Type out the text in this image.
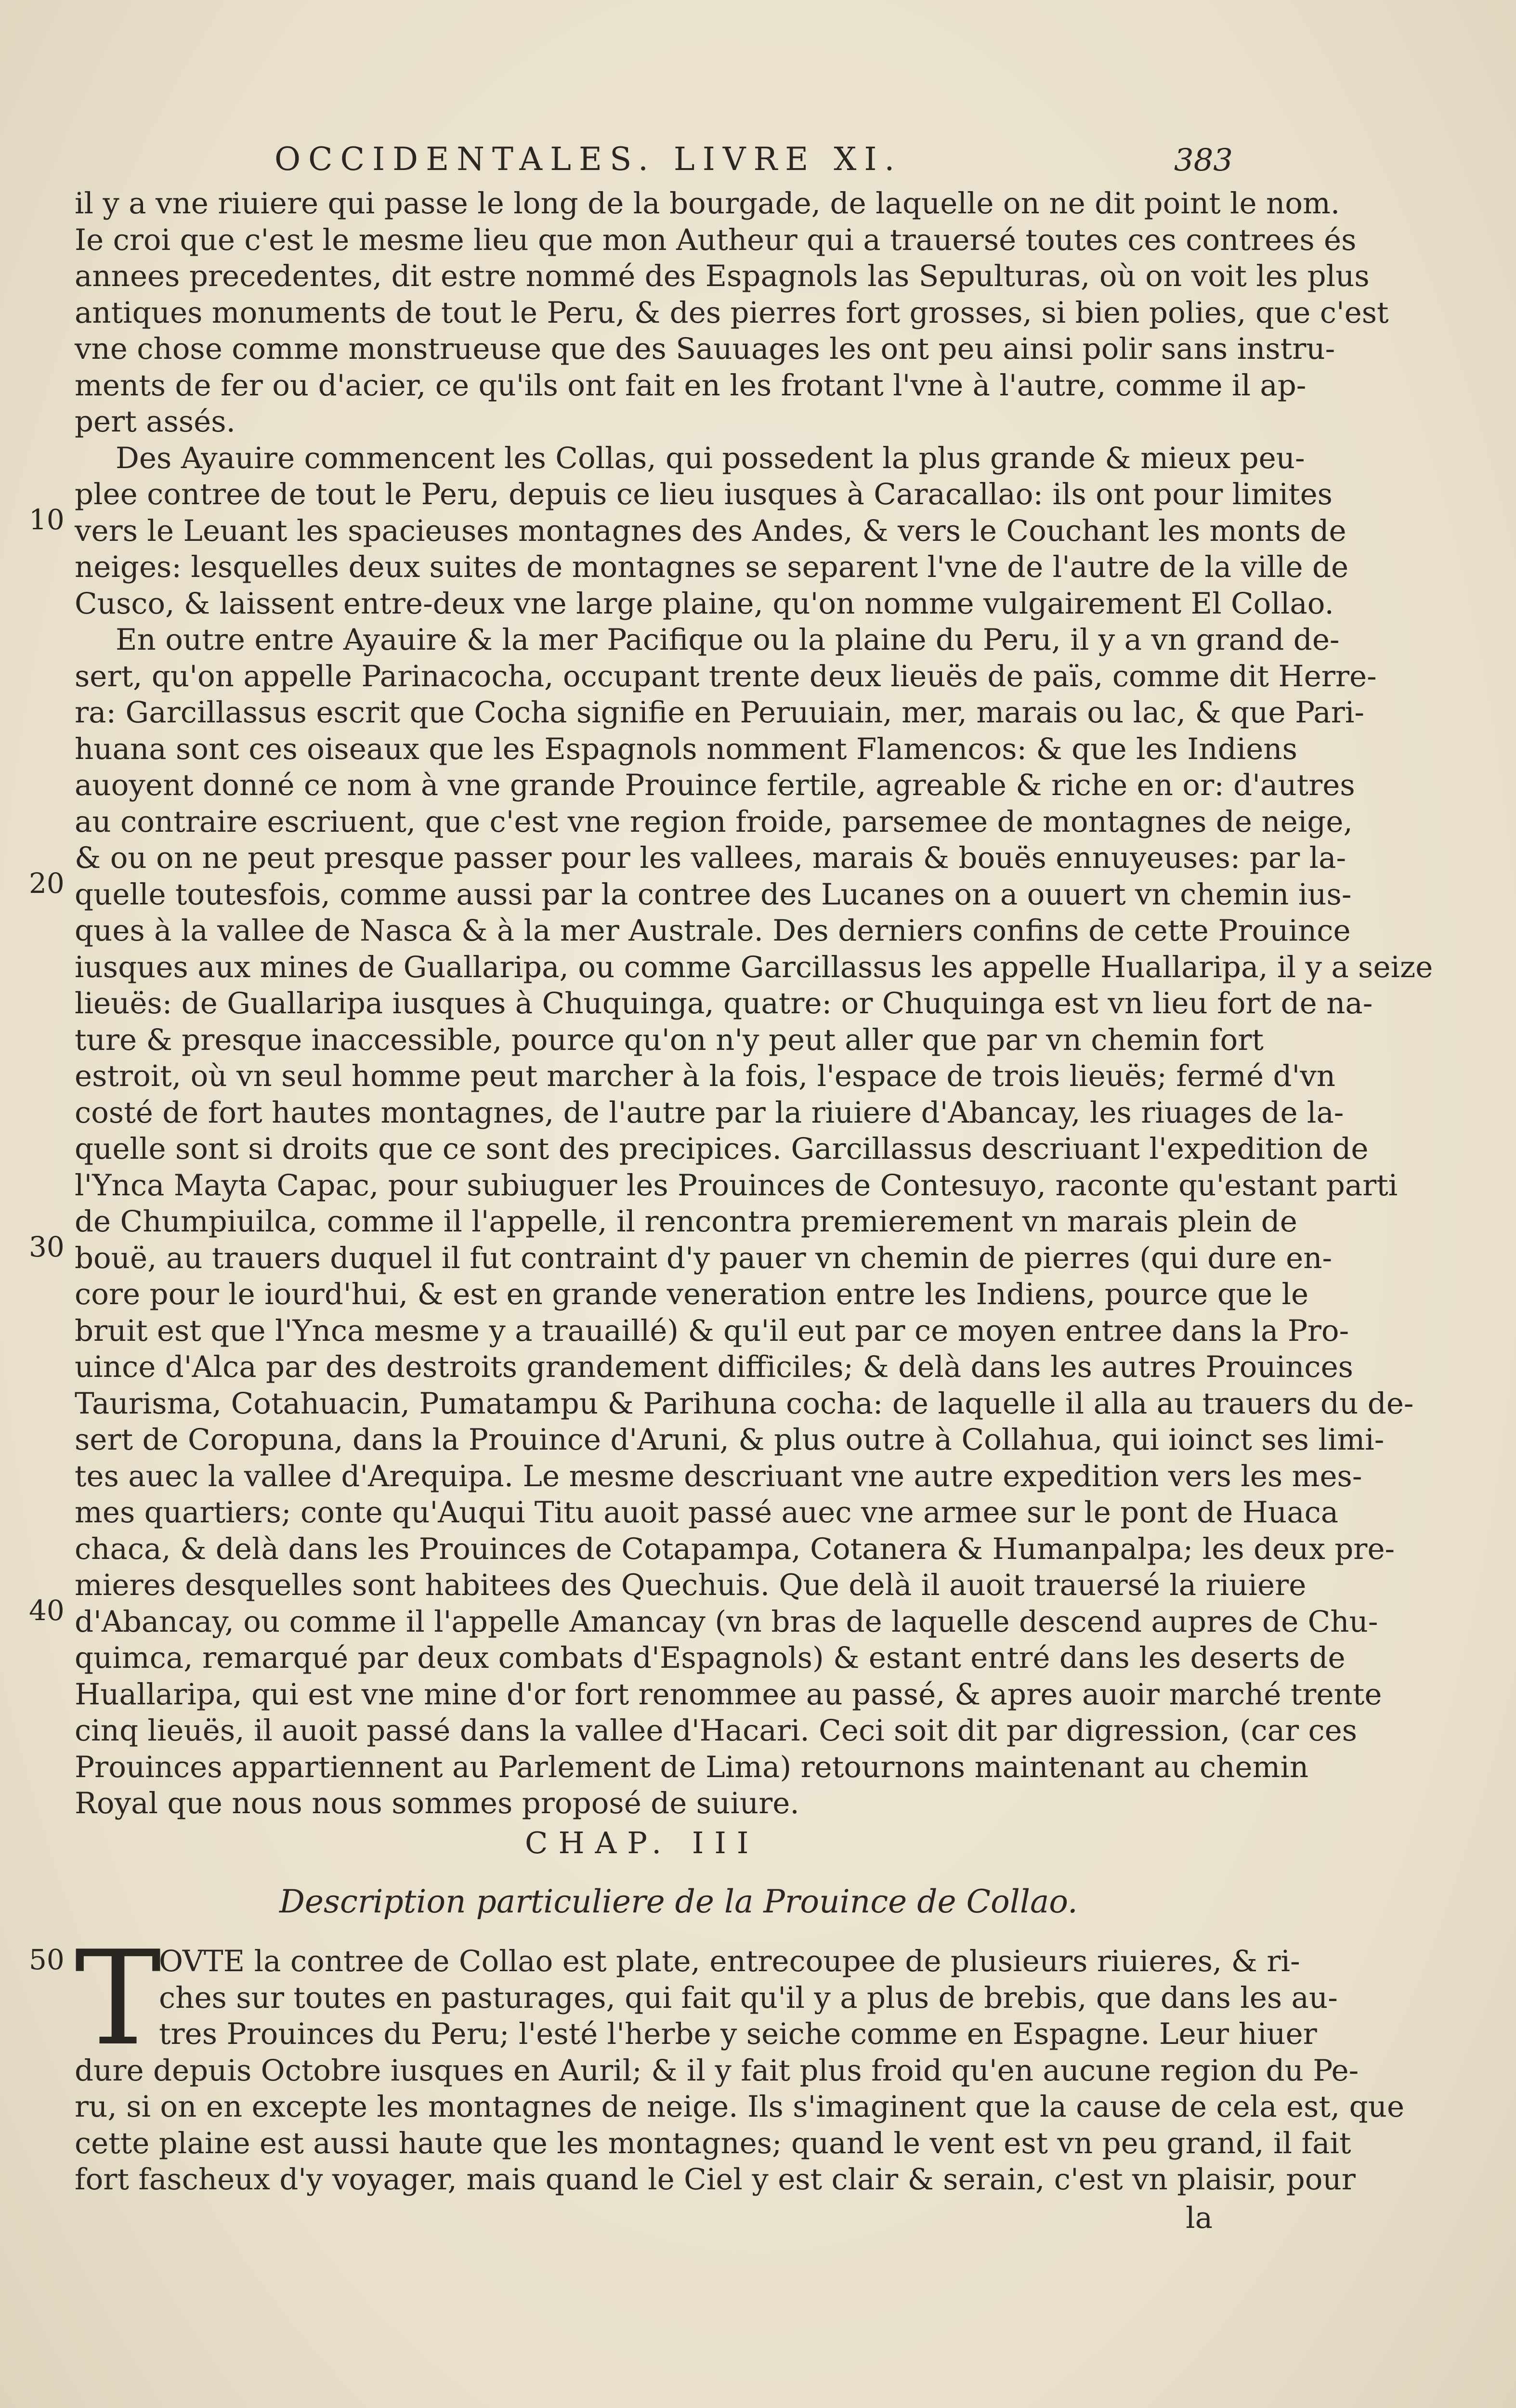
OCCIDENTALES. LIVRE XI.	383
10
20
30
40
50
il y a vne riuiere qui passe le long de la bourgade, de laquelle on ne dit point le nom.
Ie croi que c'est le mesme lieu que mon Autheur qui a trauersé toutes ces contrees és
annees precedentes, dit estre nommé des Espagnols las Sepulturas, où on voit les plus
antiques monuments de tout le Peru, & des pierres fort grosses, si bien polies, que c'est
vne chose comme monstrueuse que des Sauuages les ont peu ainsi polir sans instru-
ments de fer ou d'acier, ce qu'ils ont fait en les frotant l'vne à l'autre, comme il ap-
pert assés.
Des Ayauire commencent les Collas, qui possedent la plus grande & mieux peu-
plee contree de tout le Peru, depuis ce lieu iusques à Caracallao: ils ont pour limites
vers le Leuant les spacieuses montagnes des Andes, & vers le Couchant les monts de
neiges: lesquelles deux suites de montagnes se separent l'vne de l'autre de la ville de
Cusco, & laissent entre-deux vne large plaine, qu'on nomme vulgairement El Collao.
En outre entre Ayauire & la mer Pacifique ou la plaine du Peru, il y a vn grand de-
sert, qu'on appelle Parinacocha, occupant trente deux lieuës de païs, comme dit Herre-
ra: Garcillassus escrit que Cocha signifie en Peruuiain, mer, marais ou lac, & que Pari-
huana sont ces oiseaux que les Espagnols nomment Flamencos: & que les Indiens
auoyent donné ce nom à vne grande Prouince fertile, agreable & riche en or: d'autres
au contraire escriuent, que c'est vne region froide, parsemee de montagnes de neige,
& ou on ne peut presque passer pour les vallees, marais & bouës ennuyeuses: par la-
quelle toutesfois, comme aussi par la contree des Lucanes on a ouuert vn chemin ius-
ques à la vallee de Nasca & à la mer Australe. Des derniers confins de cette Prouince
iusques aux mines de Guallaripa, ou comme Garcillassus les appelle Huallaripa, il y a seize
lieuës: de Guallaripa iusques à Chuquinga, quatre: or Chuquinga est vn lieu fort de na-
ture & presque inaccessible, pource qu'on n'y peut aller que par vn chemin fort
estroit, où vn seul homme peut marcher à la fois, l'espace de trois lieuës; fermé d'vn
costé de fort hautes montagnes, de l'autre par la riuiere d'Abancay, les riuages de la-
quelle sont si droits que ce sont des precipices. Garcillassus descriuant l'expedition de
l'Ynca Mayta Capac, pour subiuguer les Prouinces de Contesuyo, raconte qu'estant parti
de Chumpiuilca, comme il l'appelle, il rencontra premierement vn marais plein de
bouë, au trauers duquel il fut contraint d'y pauer vn chemin de pierres (qui dure en-
core pour le iourd'hui, & est en grande veneration entre les Indiens, pource que le
bruit est que l'Ynca mesme y a trauaillé) & qu'il eut par ce moyen entree dans la Pro-
uince d'Alca par des destroits grandement difficiles; & delà dans les autres Prouinces
Taurisma, Cotahuacin, Pumatampu & Parihuna cocha: de laquelle il alla au trauers du de-
sert de Coropuna, dans la Prouince d'Aruni, & plus outre à Collahua, qui ioinct ses limi-
tes auec la vallee d'Arequipa. Le mesme descriuant vne autre expedition vers les mes-
mes quartiers; conte qu'Auqui Titu auoit passé auec vne armee sur le pont de Huaca
chaca, & delà dans les Prouinces de Cotapampa, Cotanera & Humanpalpa; les deux pre-
mieres desquelles sont habitees des Quechuis. Que delà il auoit trauersé la riuiere
d'Abancay, ou comme il l'appelle Amancay (vn bras de laquelle descend aupres de Chu-
quimca, remarqué par deux combats d'Espagnols) & estant entré dans les deserts de
Huallaripa, qui est vne mine d'or fort renommee au passé, & apres auoir marché trente
cinq lieuës, il auoit passé dans la vallee d'Hacari. Ceci soit dit par digression, (car ces
Prouinces appartiennent au Parlement de Lima) retournons maintenant au chemin
Royal que nous nous sommes proposé de suiure.
CHAP. III
Description particuliere de la Prouince de Collao.
T
OVTE la contree de Collao est plate, entrecoupee de plusieurs riuieres, & ri-
ches sur toutes en pasturages, qui fait qu'il y a plus de brebis, que dans les au-
tres Prouinces du Peru; l'esté l'herbe y seiche comme en Espagne. Leur hiuer
dure depuis Octobre iusques en Auril; & il y fait plus froid qu'en aucune region du Pe-
ru, si on en excepte les montagnes de neige. Ils s'imaginent que la cause de cela est, que
cette plaine est aussi haute que les montagnes; quand le vent est vn peu grand, il fait
fort fascheux d'y voyager, mais quand le Ciel y est clair & serain, c'est vn plaisir, pour
la
